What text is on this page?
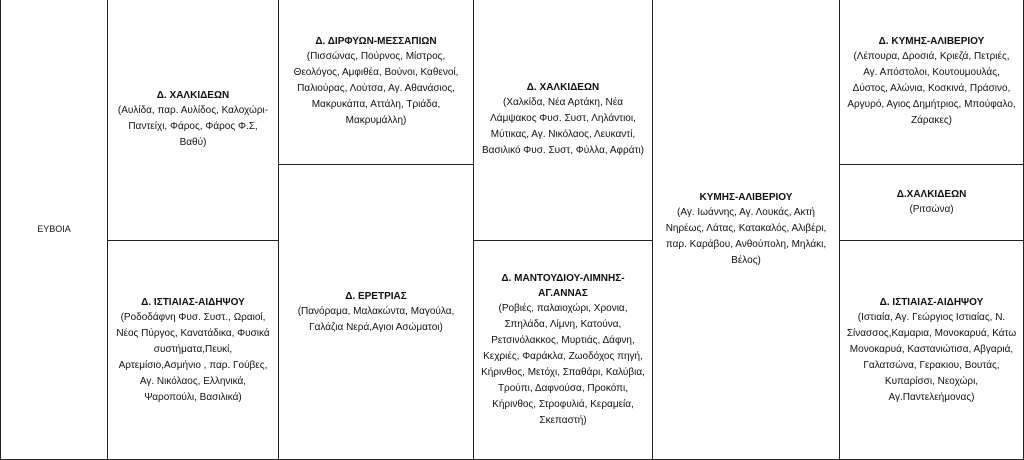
ΕΥΒΟΙΑ
Δ. ΧΑΛΚΙΔΕΩΝ
(Αυλίδα, παρ. Αυλίδος, Καλοχώρι-Παντείχι, Φάρος, Φάρος Φ.Σ, Βαθύ)
Δ. ΙΣΤΙΑΙΑΣ-ΑΙΔΗΨΟΥ
(Ροδοδάφνη Φυσ. Συστ., Ωραιοί, Νέος Πύργος, Κανατάδικα, Φυσικά συστήματα,Πευκί, Αρτεμίσιο,Ασμήνιο , παρ. Γούβες, Αγ. Νικόλαος, Ελληνικά, Ψαροπούλι, Βασιλικά)
Δ. ΔΙΡΦΥΩΝ-ΜΕΣΣΑΠΙΩΝ
(Πισσώνας, Πούρνος, Μίστρος, Θεολόγος, Αμφιθέα, Βούνοι, Καθενοί, Παλιούρας, Λούτσα, Αγ. Αθανάσιος, Μακρυκάπα, Αττάλη, Τριάδα, Μακρυμάλλη)
Δ. ΕΡΕΤΡΙΑΣ
(Πανόραμα, Μαλακώντα, Μαγούλα, Γαλάζια Νερά,Αγιοι Ασώματοι)
Δ. ΧΑΛΚΙΔΕΩΝ
(Χαλκίδα, Νέα Αρτάκη, Νέα Λάμψακος Φυσ. Συστ, Ληλάντιοι, Μύτικας, Αγ. Νικόλαος, Λευκαντί, Βασιλικό Φυσ. Συστ, Φύλλα, Αφράτι)
Δ. ΜΑΝΤΟΥΔΙΟΥ-ΛΙΜΝΗΣ-ΑΓ.ΑΝΝΑΣ
(Ροβιές, παλαιοχώρι, Χρονια, Σπηλάδα, Λίμνη, Κατούνα, Ρετσινόλακκος, Μυρτιάς, Δάφνη, Κεχριές, Φαράκλα, Ζωοδόχος πηγή, Κήρινθος, Μετόχι, Σπαθάρι, Καλύβια, Τρούπι, Δαφνούσα, Προκόπι, Κήρινθος, Στροφυλιά, Κεραμεία, Σκεπαστή)
ΚΥΜΗΣ-ΑΛΙΒΕΡΙΟΥ
(Αγ. Ιωάννης, Αγ. Λουκάς, Ακτή Νηρέως, Λάτας, Κατακαλός, Αλιβέρι, παρ. Καράβου, Ανθούπολη, Μηλάκι, Βέλος)
Δ. ΚΥΜΗΣ-ΑΛΙΒΕΡΙΟΥ
(Λέπουρα, Δροσιά, Κριεζά, Πετριές, Αγ. Απόστολοι, Κουτουμουλάς, Δύστος, Αλώνια, Κοσκινά, Πράσινο, Αργυρό, Αγιος Δημήτριος, Μπούφαλο, Ζάρακες)
Δ.ΧΑΛΚΙΔΕΩΝ
(Ριτσώνα)
Δ. ΙΣΤΙΑΙΑΣ-ΑΙΔΗΨΟΥ
(Ιστιαία, Αγ. Γεώργιος Ιστιαίας, Ν. Σίνασσος,Καμαρια, Μονοκαρυά, Κάτω Μονοκαρυά, Καστανιώτισα, Αβγαριά, Γαλατσώνα, Γερακιου, Βουτάς, Κυπαρίσσι, Νεοχώρι, Αγ.Παντελεήμονας)
